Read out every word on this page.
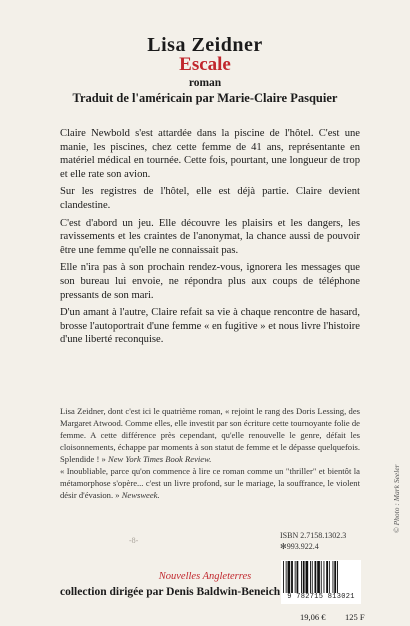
Lisa Zeidner
Escale
roman
Traduit de l'américain par Marie-Claire Pasquier

Claire Newbold s'est attardée dans la piscine de l'hôtel. C'est une manie, les piscines, chez cette femme de 41 ans, représentante en matériel médical en tournée. Cette fois, pourtant, une longueur de trop et elle rate son avion.

Sur les registres de l'hôtel, elle est déjà partie. Claire devient clandestine.

C'est d'abord un jeu. Elle découvre les plaisirs et les dangers, les ravissements et les craintes de l'anonymat, la chance aussi de pouvoir être une femme qu'elle ne connaissait pas.

Elle n'ira pas à son prochain rendez-vous, ignorera les messages que son bureau lui envoie, ne répondra plus aux coups de téléphone pressants de son mari.

D'un amant à l'autre, Claire refait sa vie à chaque rencontre de hasard, brosse l'autoportrait d'une femme « en fugitive » et nous livre l'histoire d'une liberté reconquise.

Lisa Zeidner, dont c'est ici le quatrième roman, « rejoint le rang des Doris Lessing, des Margaret Atwood. Comme elles, elle investit par son écriture cette tournoyante folie de femme. A cette différence près cependant, qu'elle renouvelle le genre, défait les cloisonnements, échappe par moments à son statut de femme et le dépasse quelquefois. Splendide ! » New York Times Book Review.

« Inoubliable, parce qu'on commence à lire ce roman comme un "thriller" et bientôt la métamorphose s'opère... c'est un livre profond, sur le mariage, la souffrance, le violent désir d'évasion. » Newsweek.

-8-
ISBN 2.7158.1302.3
✻993.922.4
Nouvelles Angleterres
collection dirigée par Denis Baldwin-Beneich	9 782715 813021
19,06 € 125 F
© Photo : Mark Seeler
